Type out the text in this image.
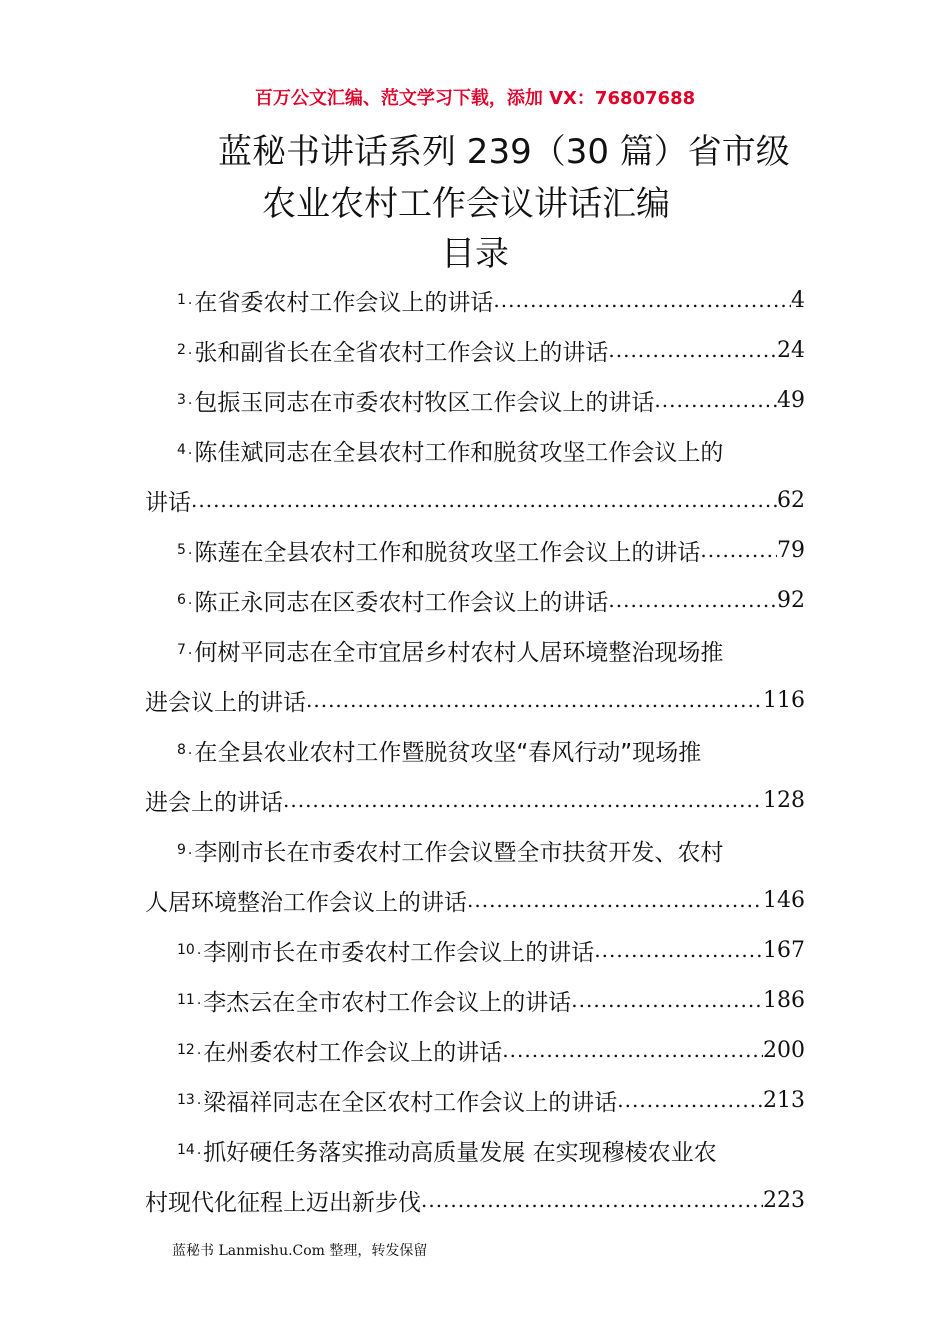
百万公文汇编、范文学习下载，添加 VX：76807688
蓝秘书讲话系列 239（30 篇）省市级
农业农村工作会议讲话汇编
目录
1 . 在省委农村工作会议上的讲话 .....	4
2 . 张和副省长在全省农村工作会议上的讲话 .....	24
3 . 包振玉同志在市委农村牧区工作会议上的讲话 .....	49
4 . 陈佳斌同志在全县农村工作和脱贫攻坚工作会议上的
讲话 .....	62
5 . 陈莲在全县农村工作和脱贫攻坚工作会议上的讲话 .....	79
6 . 陈正永同志在区委农村工作会议上的讲话 .....	92
7 . 何树平同志在全市宜居乡村农村人居环境整治现场推
进会议上的讲话 .....	116
8 . 在全县农业农村工作暨脱贫攻坚“春风行动”现场推
进会上的讲话 .....	128
9 . 李刚市长在市委农村工作会议暨全市扶贫开发、农村
人居环境整治工作会议上的讲话 .....	146
10 . 李刚市长在市委农村工作会议上的讲话 .....	167
11 . 李杰云在全市农村工作会议上的讲话 .....	186
12 . 在州委农村工作会议上的讲话 .....	200
13 . 梁福祥同志在全区农村工作会议上的讲话 .....	213
14 . 抓好硬任务落实推动高质量发展 在实现穆棱农业农
村现代化征程上迈出新步伐 .....	223
蓝秘书 Lanmishu.Com 整理，转发保留
